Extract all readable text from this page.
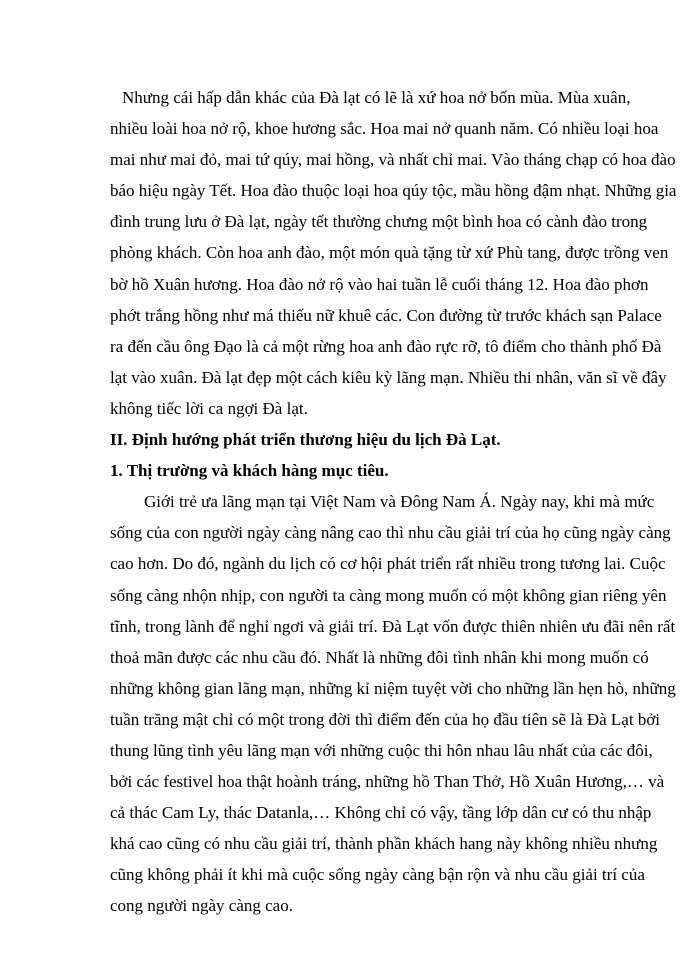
Nhưng cái hấp dẫn khác của Đà lạt có lẽ là xứ hoa nở bốn mùa. Mùa xuân,
nhiều loài hoa nở rộ, khoe hương sắc. Hoa mai nở quanh năm. Có nhiều loại hoa
mai như mai đỏ, mai tứ qúy, mai hồng, và nhất chỉ mai. Vào tháng chạp có hoa đào
báo hiệu ngày Tết. Hoa đào thuộc loại hoa qúy tộc, mầu hồng đậm nhạt. Những gia
đình trung lưu ở Đà lạt, ngày tết thường chưng một bình hoa có cành đào trong
phòng khách. Còn hoa anh đào, một món quà tặng từ xứ Phù tang, được trồng ven
bờ hồ Xuân hương. Hoa đào nở rộ vào hai tuần lễ cuối tháng 12. Hoa đào phơn
phớt trắng hồng như má thiếu nữ khuê các. Con đường từ trước khách sạn Palace
ra đến cầu ông Đạo là cả một rừng hoa anh đào rực rỡ, tô điểm cho thành phố Đà
lạt vào xuân. Đà lạt đẹp một cách kiêu kỳ lãng mạn. Nhiều thi nhân, văn sĩ về đây
không tiếc lời ca ngợi Đà lạt.
II. Định hướng phát triển thương hiệu du lịch Đà Lạt.
1. Thị trường và khách hàng mục tiêu.
Giới trẻ ưa lãng mạn tại Việt Nam và Đông Nam Á. Ngày nay, khi mà mức
sống của con người ngày càng nâng cao thì nhu cầu giải trí của họ cũng ngày càng
cao hơn. Do đó, ngành du lịch có cơ hội phát triển rất nhiều trong tương lai. Cuộc
sống càng nhộn nhịp, con người ta càng mong muốn có một không gian riêng yên
tĩnh, trong lành để nghỉ ngơi và giải trí. Đà Lạt vốn được thiên nhiên ưu đãi nên rất
thoả mãn được các nhu cầu đó. Nhất là những đôi tình nhân khi mong muốn có
những không gian lãng mạn, những kỉ niệm tuyệt vời cho những lần hẹn hò, những
tuần trăng mật chỉ có một trong đời thì điểm đến của họ đầu tiên sẽ là Đà Lạt bởi
thung lũng tình yêu lãng mạn với những cuộc thi hôn nhau lâu nhất của các đôi,
bởi các festivel hoa thật hoành tráng, những hồ Than Thở, Hồ Xuân Hương,… và
cả thác Cam Ly, thác Datanla,… Không chỉ có vậy, tầng lớp dân cư có thu nhập
khá cao cũng có nhu cầu giải trí, thành phần khách hang này không nhiều nhưng
cũng không phải ít khi mà cuộc sống ngày càng bận rộn và nhu cầu giải trí của
cong người ngày càng cao.
